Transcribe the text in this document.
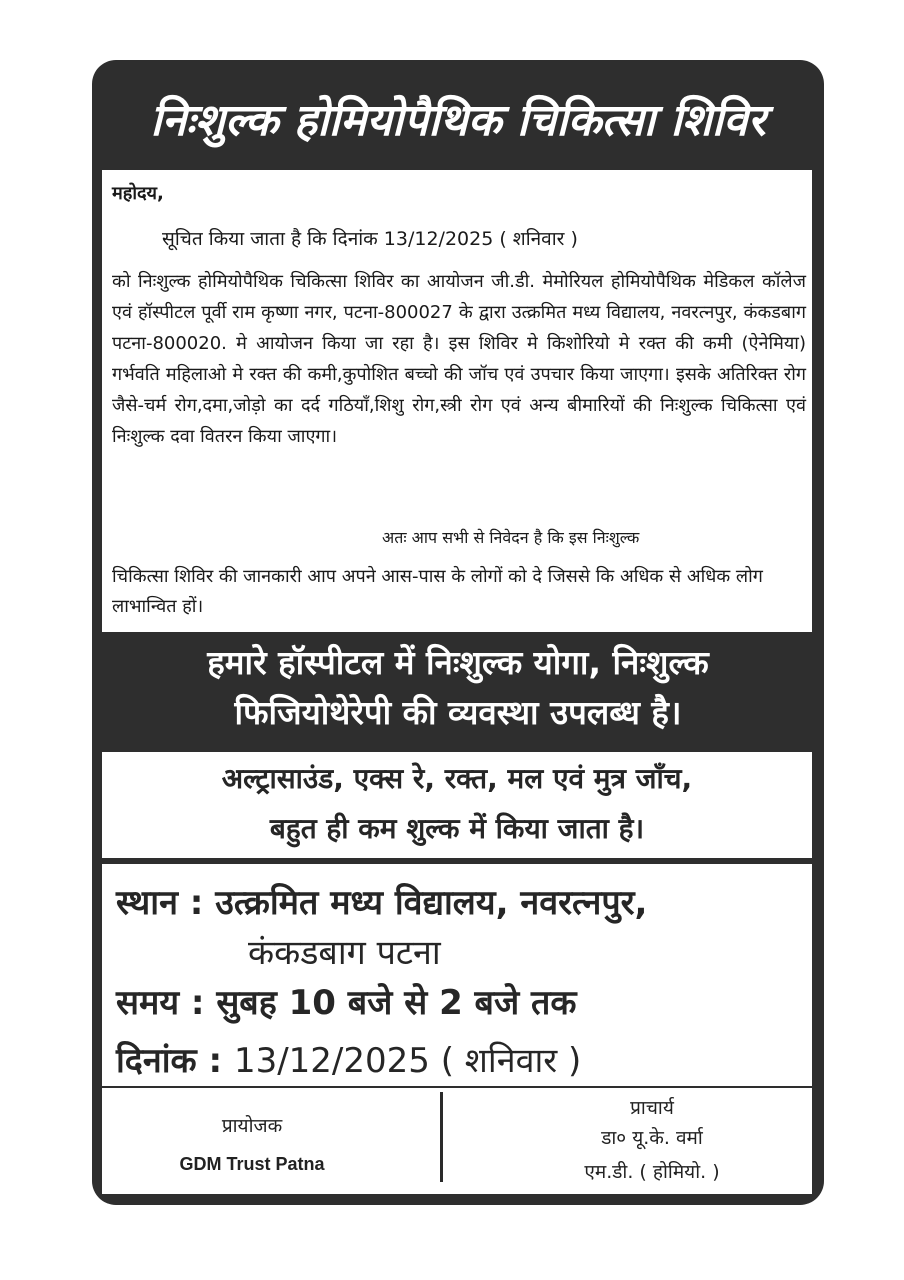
निःशुल्क होमियोपैथिक चिकित्सा शिविर
महोदय,
सूचित किया जाता है कि दिनांक 13/12/2025 ( शनिवार )
को निःशुल्क होमियोपैथिक चिकित्सा शिविर का आयोजन जी.डी. मेमोरियल होमियोपैथिक मेडिकल कॉलेज एवं हॉस्पीटल पूर्वी राम कृष्णा नगर, पटना-800027 के द्वारा उत्क्रमित मध्य विद्यालय, नवरत्नपुर, कंकडबाग पटना-800020. मे आयोजन किया जा रहा है। इस शिविर मे किशोरियो मे रक्त की कमी (ऐनेमिया) गर्भवति महिलाओ मे रक्त की कमी,कुपोशित बच्चो की जॉच एवं उपचार किया जाएगा। इसके अतिरिक्त रोग जैसे-चर्म रोग,दमा,जोड़ो का दर्द गठियॉं,शिशु रोग,स्त्री रोग एवं अन्य बीमारियों की निःशुल्क चिकित्सा एवं निःशुल्क दवा वितरन किया जाएगा।
अतः आप सभी से निवेदन है कि इस निःशुल्क
चिकित्सा शिविर की जानकारी आप अपने आस-पास के लोगों को दे जिससे कि अधिक से अधिक लोग लाभान्वित हों।
हमारे हॉस्पीटल में निःशुल्क योगा, निःशुल्क
फिजियोथेरेपी की व्यवस्था उपलब्ध है।
अल्ट्रासाउंड, एक्स रे, रक्त, मल एवं मुत्र जाँच,
बहुत ही कम शुल्क में किया जाता है।
स्थान : उत्क्रमित मध्य विद्यालय, नवरत्नपुर,
कंकडबाग पटना
समय : सुबह 10 बजे से 2 बजे तक
दिनांक : 13/12/2025 ( शनिवार )
प्रायोजक
GDM Trust Patna
प्राचार्य
डा० यू.के. वर्मा
एम.डी. ( होमियो. )
